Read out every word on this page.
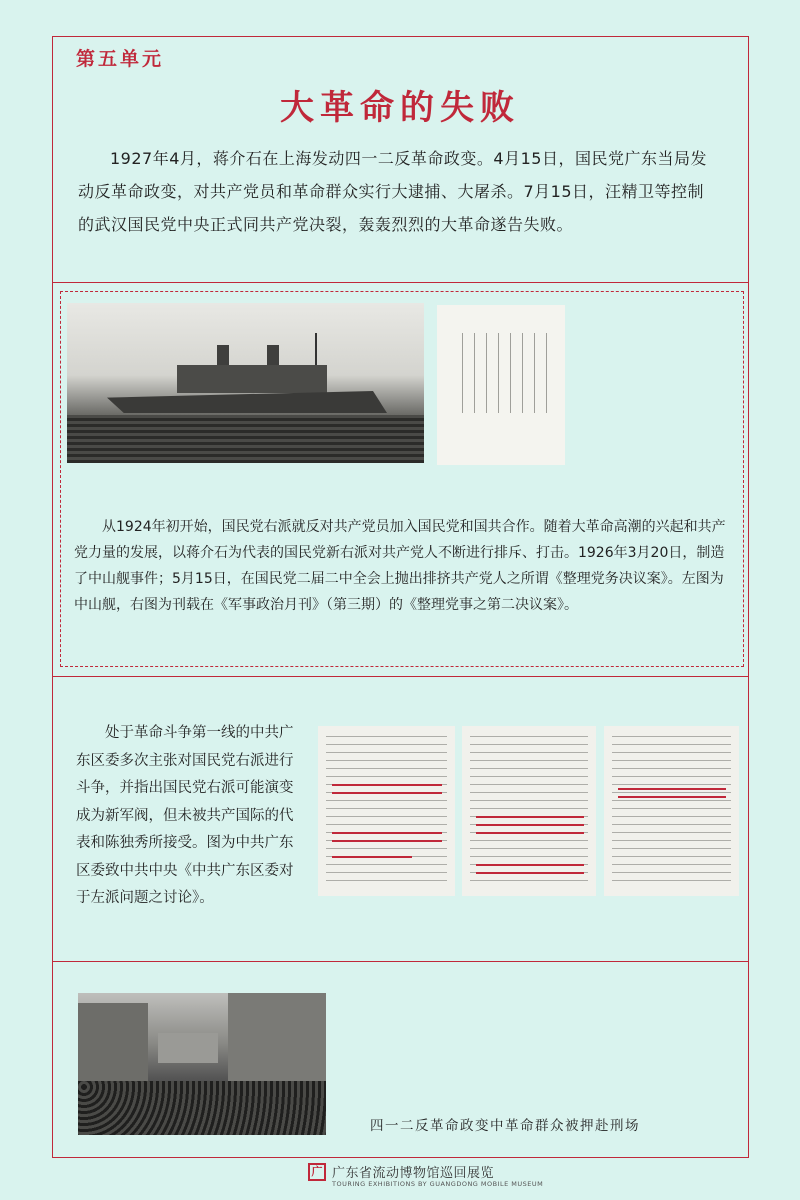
第五单元
大革命的失败
1927年4月，蒋介石在上海发动四一二反革命政变。4月15日，国民党广东当局发动反革命政变，对共产党员和革命群众实行大逮捕、大屠杀。7月15日，汪精卫等控制的武汉国民党中央正式同共产党决裂，轰轰烈烈的大革命遂告失败。
从1924年初开始，国民党右派就反对共产党员加入国民党和国共合作。随着大革命高潮的兴起和共产党力量的发展，以蒋介石为代表的国民党新右派对共产党人不断进行排斥、打击。1926年3月20日，制造了中山舰事件；5月15日，在国民党二届二中全会上抛出排挤共产党人之所谓《整理党务决议案》。左图为中山舰，右图为刊载在《军事政治月刊》（第三期）的《整理党事之第二决议案》。
处于革命斗争第一线的中共广东区委多次主张对国民党右派进行斗争，并指出国民党右派可能演变成为新军阀，但未被共产国际的代表和陈独秀所接受。图为中共广东区委致中共中央《中共广东区委对于左派问题之讨论》。
四一二反革命政变中革命群众被押赴刑场
广 广东省流动博物馆巡回展览
TOURING EXHIBITIONS BY GUANGDONG MOBILE MUSEUM
